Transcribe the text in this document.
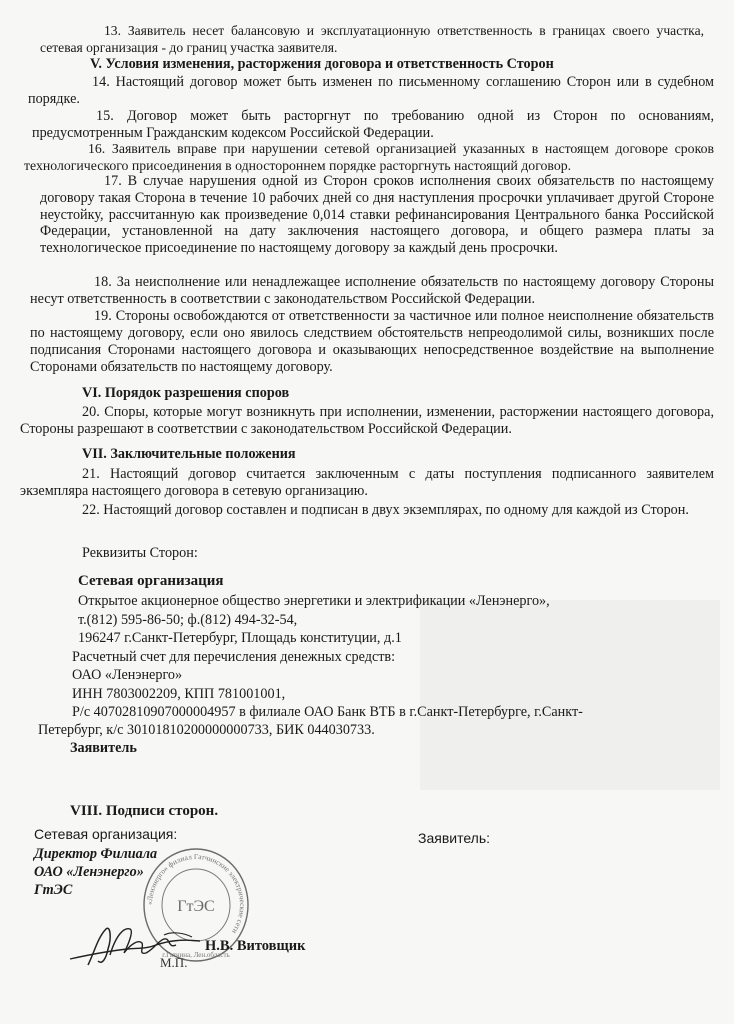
13. Заявитель несет балансовую и эксплуатационную ответственность в границах своего участка, сетевая организация - до границ участка заявителя.
V. Условия изменения, расторжения договора и ответственность Сторон
14. Настоящий договор может быть изменен по письменному соглашению Сторон или в судебном порядке.
15. Договор может быть расторгнут по требованию одной из Сторон по основаниям, предусмотренным Гражданским кодексом Российской Федерации.
16. Заявитель вправе при нарушении сетевой организацией указанных в настоящем договоре сроков технологического присоединения в одностороннем порядке расторгнуть настоящий договор.
17. В случае нарушения одной из Сторон сроков исполнения своих обязательств по настоящему договору такая Сторона в течение 10 рабочих дней со дня наступления просрочки уплачивает другой Стороне неустойку, рассчитанную как произведение 0,014 ставки рефинансирования Центрального банка Российской Федерации, установленной на дату заключения настоящего договора, и общего размера платы за технологическое присоединение по настоящему договору за каждый день просрочки.
18. За неисполнение или ненадлежащее исполнение обязательств по настоящему договору Стороны несут ответственность в соответствии с законодательством Российской Федерации.
19. Стороны освобождаются от ответственности за частичное или полное неисполнение обязательств по настоящему договору, если оно явилось следствием обстоятельств непреодолимой силы, возникших после подписания Сторонами настоящего договора и оказывающих непосредственное воздействие на выполнение Сторонами обязательств по настоящему договору.
VI. Порядок разрешения споров
20. Споры, которые могут возникнуть при исполнении, изменении, расторжении настоящего договора, Стороны разрешают в соответствии с законодательством Российской Федерации.
VII. Заключительные положения
21. Настоящий договор считается заключенным с даты поступления подписанного заявителем экземпляра настоящего договора в сетевую организацию.
22. Настоящий договор составлен и подписан в двух экземплярах, по одному для каждой из Сторон.
Реквизиты Сторон:
Сетевая организация
Открытое акционерное общество энергетики и электрификации «Ленэнерго»,
т.(812) 595-86-50; ф.(812) 494-32-54,
196247 г.Санкт-Петербург, Площадь конституции, д.1
Расчетный счет для перечисления денежных средств:
ОАО «Ленэнерго»
ИНН 7803002209, КПП 781001001,
Р/с 40702810907000004957 в филиале ОАО Банк ВТБ в г.Санкт-Петербурге, г.Санкт-
Петербург, к/с 30101810200000000733, БИК 044030733.
Заявитель
VIII. Подписи сторон.
Сетевая организация:	Заявитель:
Директор Филиала
ОАО «Ленэнерго»
ГтЭС
«Ленэнерго» филиал Гатчинские электрические сети
ГтЭС
г.Гатчина, Лен.область
Н.В. Витовщик
М.П.
